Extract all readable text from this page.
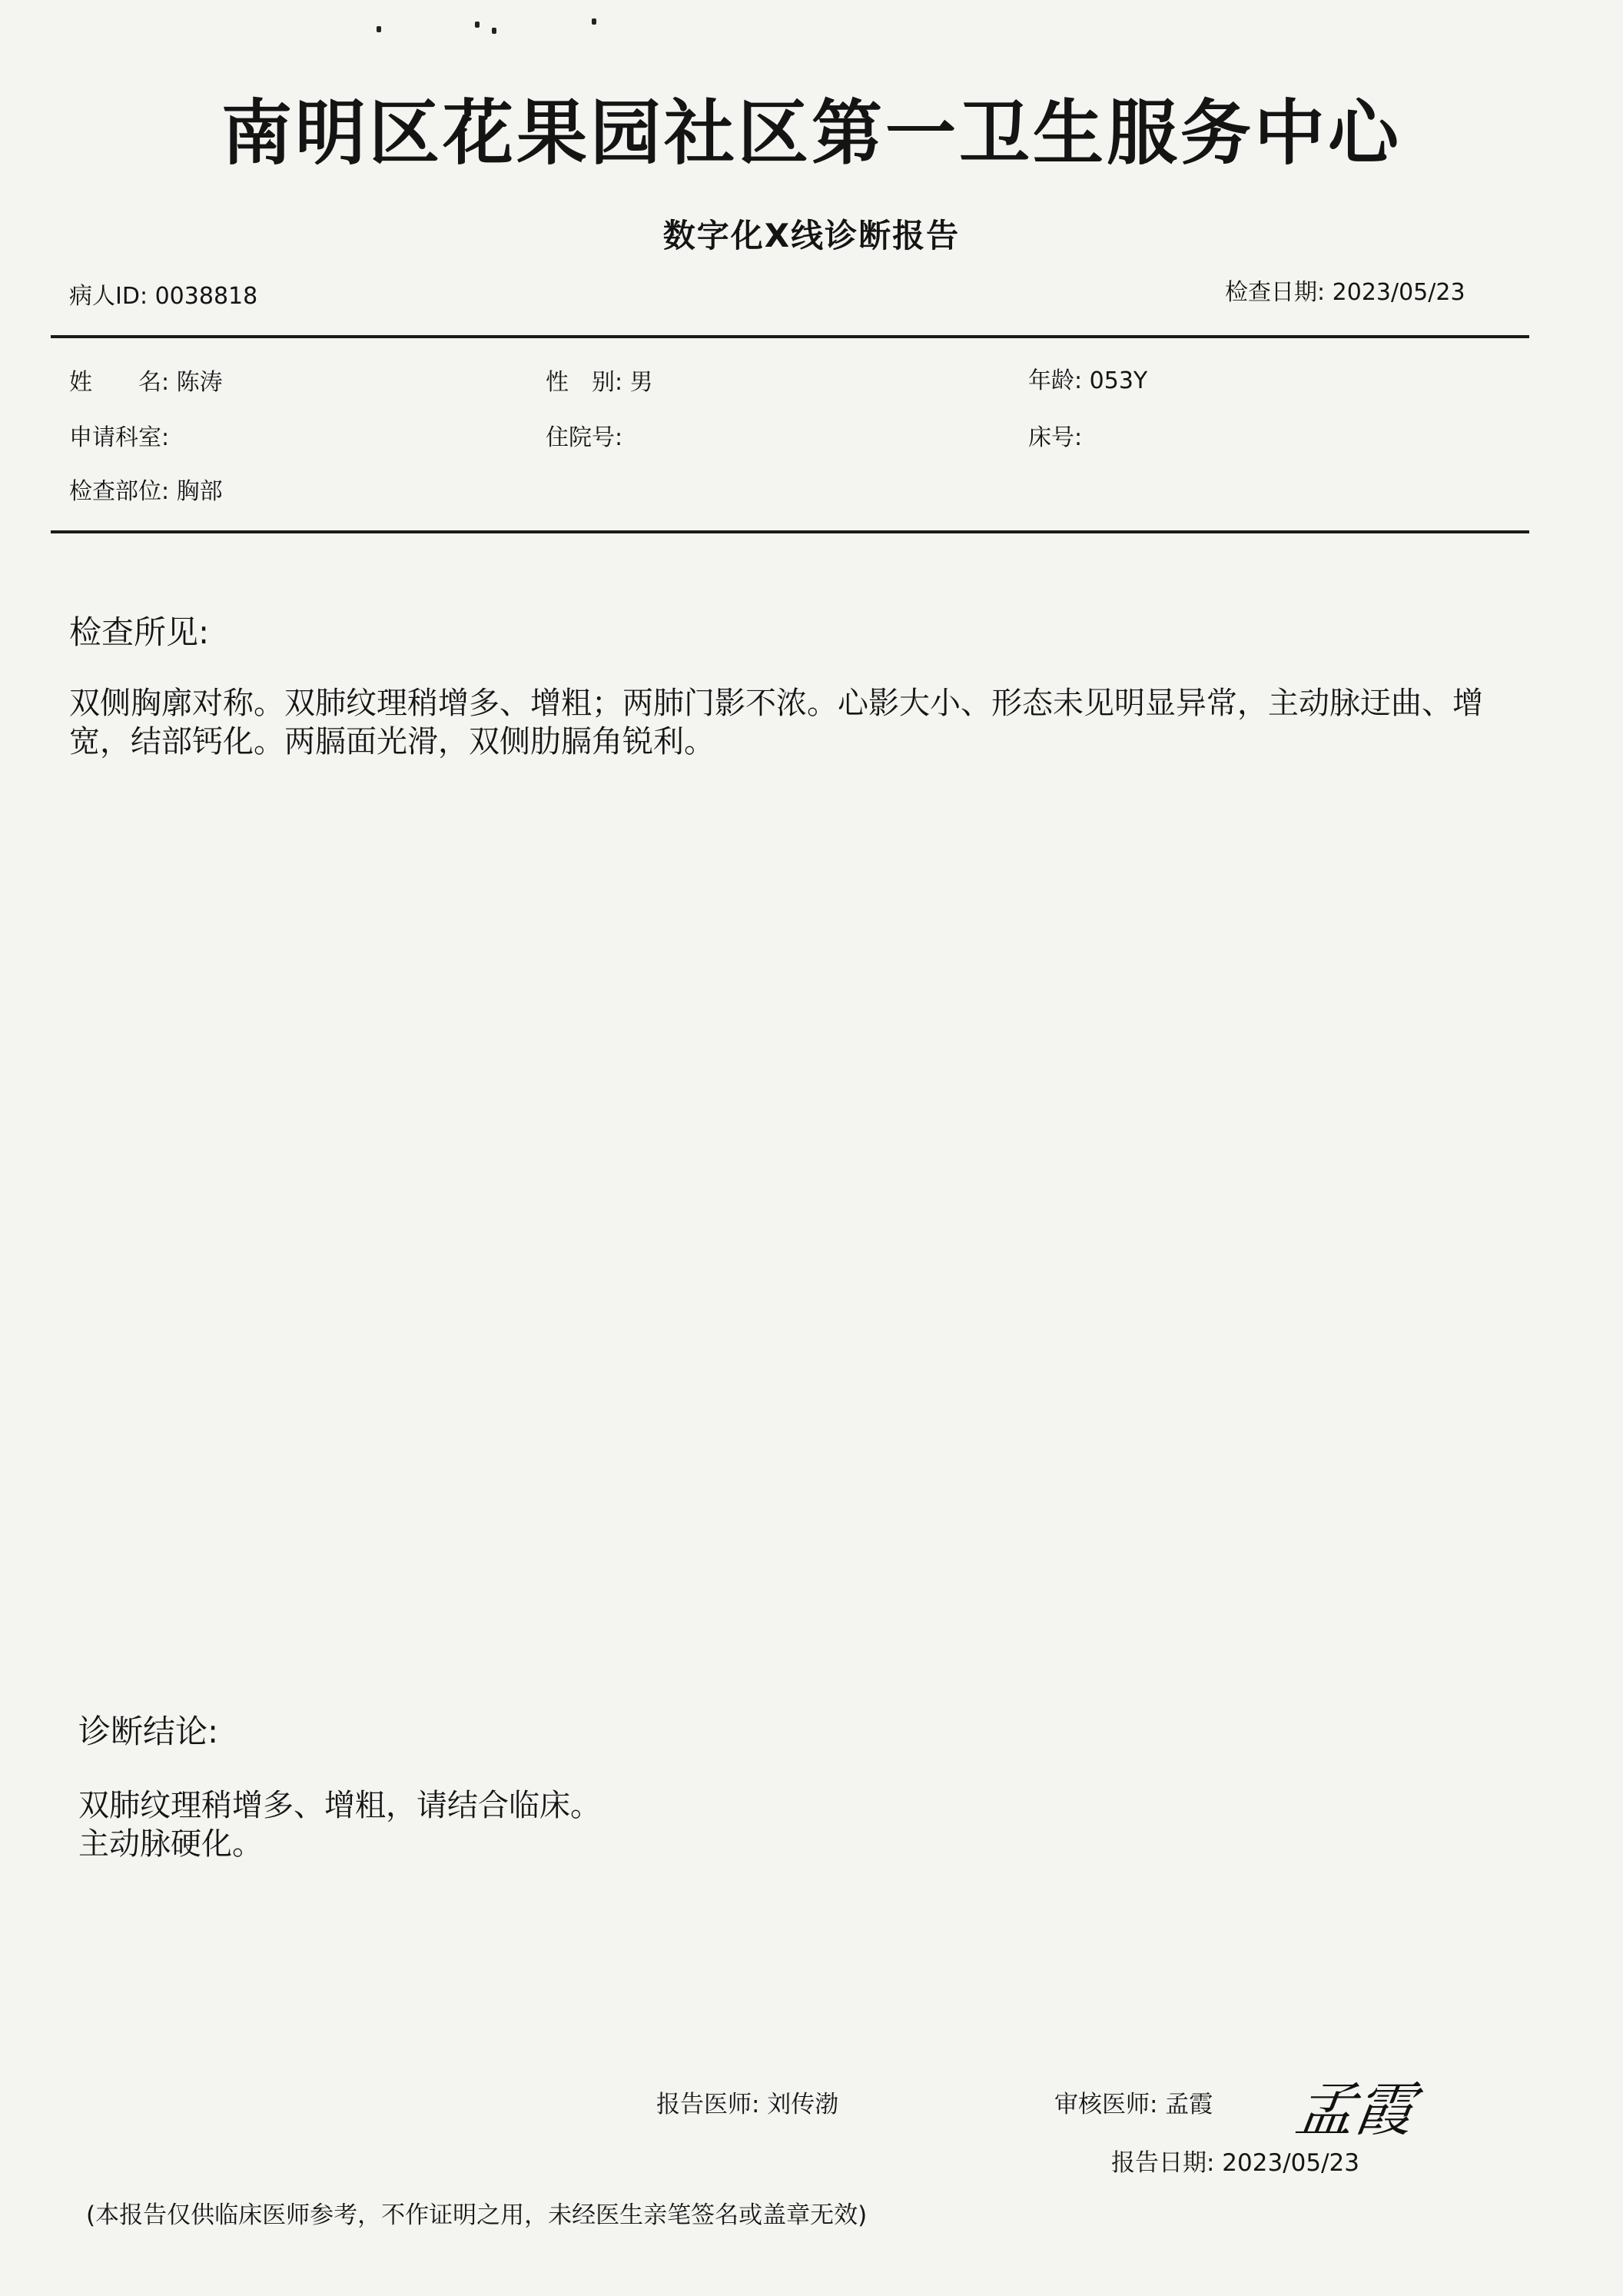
南明区花果园社区第一卫生服务中心
数字化X线诊断报告
病人ID: 0038818	检查日期: 2023/05/23
姓　　名: 陈涛	性　别: 男	年龄: 053Y
申请科室:	住院号:	床号:
检查部位: 胸部
检查所见:
双侧胸廓对称。双肺纹理稍增多、增粗；两肺门影不浓。心影大小、形态未见明显异常，主动脉迂曲、增宽，结部钙化。两膈面光滑，双侧肋膈角锐利。
诊断结论:
双肺纹理稍增多、增粗，请结合临床。
主动脉硬化。
报告医师: 刘传渤	审核医师: 孟霞 孟霞
报告日期: 2023/05/23
(本报告仅供临床医师参考，不作证明之用，未经医生亲笔签名或盖章无效)
